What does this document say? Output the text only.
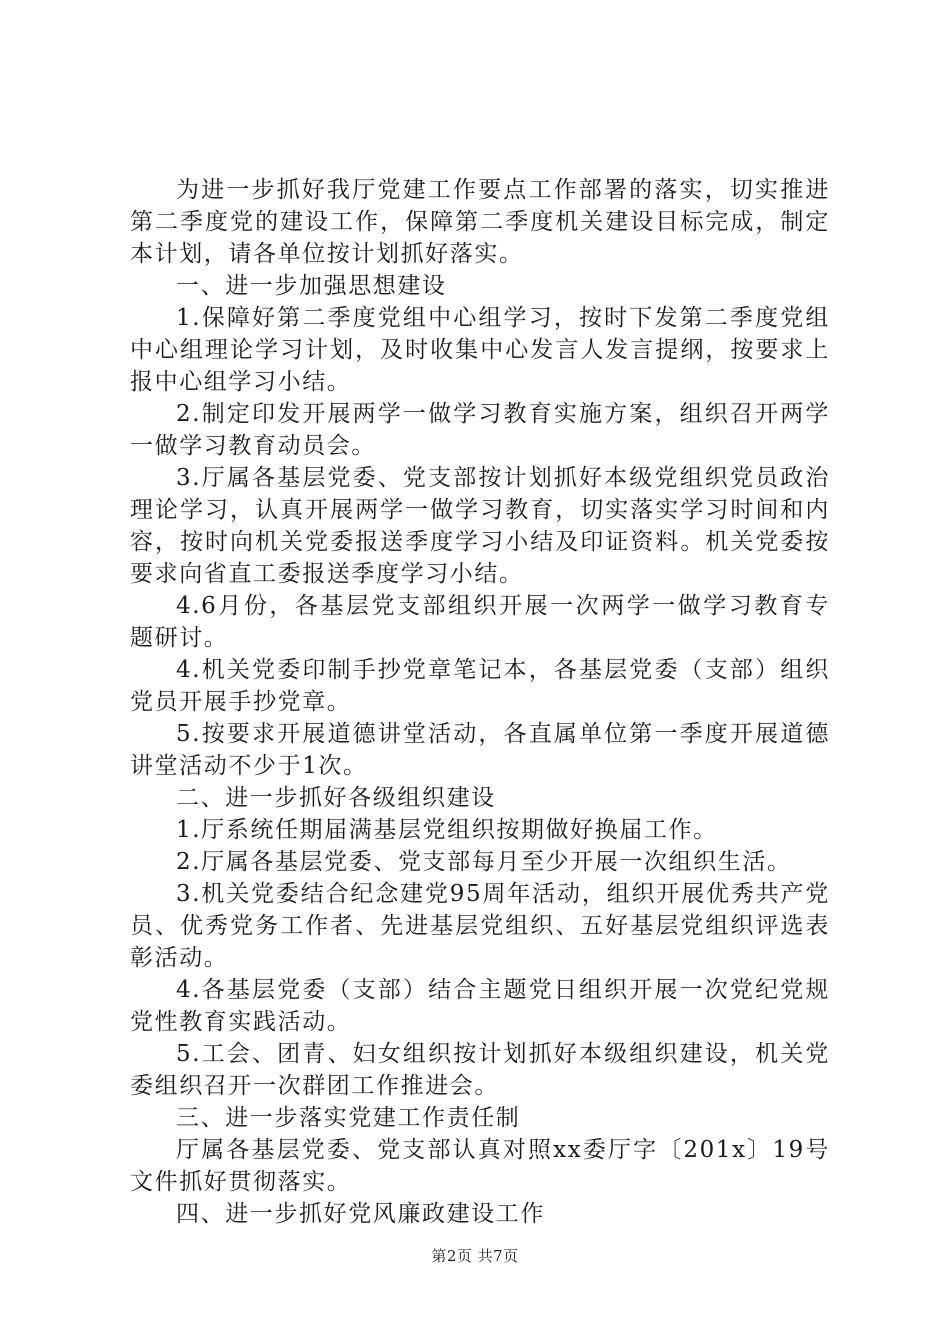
为进一步抓好我厅党建工作要点工作部署的落实，切实推进第二季度党的建设工作，保障第二季度机关建设目标完成，制定本计划，请各单位按计划抓好落实。

一、进一步加强思想建设

1.保障好第二季度党组中心组学习，按时下发第二季度党组中心组理论学习计划，及时收集中心发言人发言提纲，按要求上报中心组学习小结。

2.制定印发开展两学一做学习教育实施方案，组织召开两学一做学习教育动员会。

3.厅属各基层党委、党支部按计划抓好本级党组织党员政治理论学习，认真开展两学一做学习教育，切实落实学习时间和内容，按时向机关党委报送季度学习小结及印证资料。机关党委按要求向省直工委报送季度学习小结。

4.6月份，各基层党支部组织开展一次两学一做学习教育专题研讨。

4.机关党委印制手抄党章笔记本，各基层党委（支部）组织党员开展手抄党章。

5.按要求开展道德讲堂活动，各直属单位第一季度开展道德讲堂活动不少于1次。

二、进一步抓好各级组织建设

1.厅系统任期届满基层党组织按期做好换届工作。

2.厅属各基层党委、党支部每月至少开展一次组织生活。

3.机关党委结合纪念建党95周年活动，组织开展优秀共产党员、优秀党务工作者、先进基层党组织、五好基层党组织评选表彰活动。

4.各基层党委（支部）结合主题党日组织开展一次党纪党规党性教育实践活动。

5.工会、团青、妇女组织按计划抓好本级组织建设，机关党委组织召开一次群团工作推进会。

三、进一步落实党建工作责任制

厅属各基层党委、党支部认真对照xx委厅字〔201x〕19号文件抓好贯彻落实。

四、进一步抓好党风廉政建设工作

第2页 共7页
